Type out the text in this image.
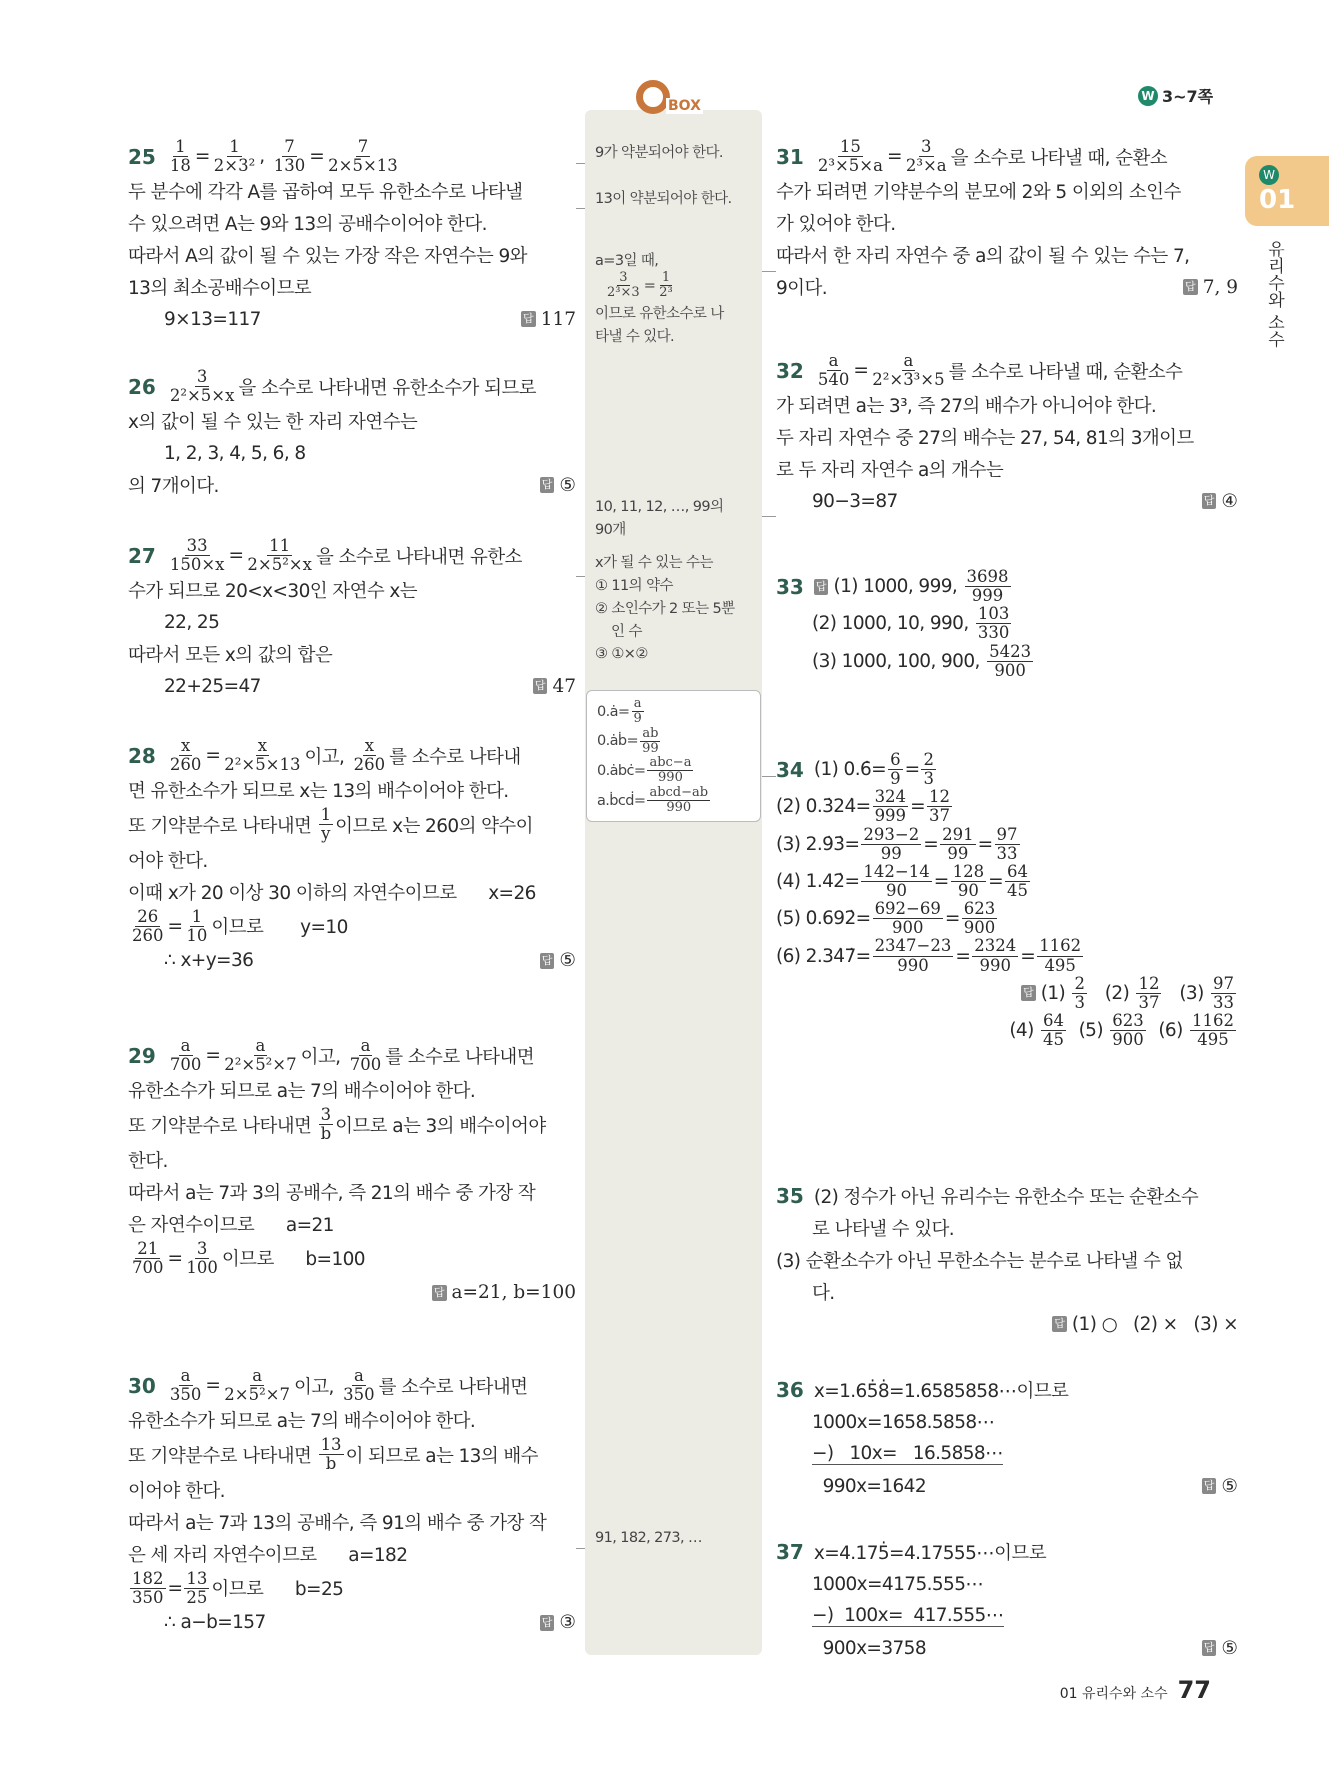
BOX
9가 약분되어야 한다.
13이 약분되어야 한다.
a=3일 때,

$\frac{3}{\text{2³×3}} = \frac{1}{\text{2³}}$
이므로 유한소수로 나
타낼 수 있다.
10, 11, 12, …, 99의
90개
x가 될 수 있는 수는
① 11의 약수
② 소인수가 2 또는 5뿐
인 수
③ ①×②
0.ȧ= $\frac{a}{9}$
0.ȧḃ= $\frac{ab}{99}$
0.ȧbċ=
abc−a
990
a.ḃcḋ=
abcd−ab
990
91, 182, 273, …
W 3~7쪽
W
01
유리수와 소수
01 유리수와 소수 77
$25 \frac{1}{18} = \frac{1}{\text{2×3²}}$ , $\frac{7}{130} = \frac{7}{2\times 5\times 13}$
두 분수에 각각 A를 곱하여 모두 유한소수로 나타낼
수 있으려면 A는 9와 13의 공배수이어야 한다.
따라서 A의 값이 될 수 있는 가장 작은 자연수는 9와
13의 최소공배수이므로
9×13=117	답 117
$26 \frac{3}{\text{2²×5×x}}$ 을 소수로 나타내면 유한소수가 되므로
x의 값이 될 수 있는 한 자리 자연수는
1, 2, 3, 4, 5, 6, 8
의 7개이다.	답 ⑤
$27 \frac{33}{150\times x} = \frac{11}{\text{2×5²×x}}$ 을 소수로 나타내면 유한소
수가 되므로 20<x<30인 자연수 x는
22, 25
따라서 모든 x의 값의 합은
22+25=47	답 47
$28 \frac{x}{260} = \frac{x}{\text{2²×5×13}}$ 이고, $\frac{x}{260}$ 를 소수로 나타내
면 유한소수가 되므로 x는 13의 배수이어야 한다.
또 기약분수로 나타내면 $\frac{1}{y}$ 이므로 x는 260의 약수이
어야 한다.
이때 x가 20 이상 30 이하의 자연수이므로      x=26
$\frac{26}{260} = \frac{1}{10}$ 이므로       y=10
∴ x+y=36	답 ⑤
$29 \frac{a}{700} = \frac{a}{\text{2²×5²×7}}$ 이고, $\frac{a}{700}$ 를 소수로 나타내면
유한소수가 되므로 a는 7의 배수이어야 한다.
또 기약분수로 나타내면 $\frac{3}{b}$ 이므로 a는 3의 배수이어야
한다.
따라서 a는 7과 3의 공배수, 즉 21의 배수 중 가장 작
은 자연수이므로      a=21
$\frac{21}{700} = \frac{3}{100}$ 이므로      b=100
답 a=21, b=100
$30 \frac{a}{350} = \frac{a}{\text{2×5²×7}}$ 이고, $\frac{a}{350}$ 를 소수로 나타내면
유한소수가 되므로 a는 7의 배수이어야 한다.
또 기약분수로 나타내면 $\frac{13}{b}$ 이 되므로 a는 13의 배수
이어야 한다.
따라서 a는 7과 13의 공배수, 즉 91의 배수 중 가장 작
은 세 자리 자연수이므로      a=182
$\frac{182}{350} = \frac{13}{25}$ 이므로      b=25
∴ a−b=157	답 ③
$31 \frac{15}{\text{2³×5×a}} = \frac{3}{\text{2³×a}}$ 을 소수로 나타낼 때, 순환소
수가 되려면 기약분수의 분모에 2와 5 이외의 소인수
가 있어야 한다.
따라서 한 자리 자연수 중 a의 값이 될 수 있는 수는 7,
9이다.	답 7, 9
$32 \frac{a}{540} = \frac{a}{\text{2²×3³×5}}$ 를 소수로 나타낼 때, 순환소수
가 되려면 a는 3³, 즉 27의 배수가 아니어야 한다.
두 자리 자연수 중 27의 배수는 27, 54, 81의 3개이므
로 두 자리 자연수 a의 개수는
90−3=87	답 ④
33 답 (1) 1000, 999, $\frac{3698}{999}$
(2) 1000, 10, 990, $\frac{103}{330}$
(3) 1000, 100, 900, $\frac{5423}{900}$
34 (1) 0.6̇= $\frac{6}{9} = \frac{2}{3}$
(2) 0.3̇24̇= $\frac{324}{999} = \frac{12}{37}$
(3) 2.9̇3̇= $\frac{293-2}{99} = \frac{291}{99} = \frac{97}{33}$
(4) 1.42̇= $\frac{142-14}{90} = \frac{128}{90} = \frac{64}{45}$
(5) 0.692̇= $\frac{692-69}{900} = \frac{623}{900}$
(6) 2.34̇7̇= $\frac{2347-23}{990} = \frac{2324}{990} = \frac{1162}{495}$
답 $(1) \frac{2}{3} (2) \frac{12}{37} (3) \frac{97}{33}$
$(4) \frac{64}{45} (5) \frac{623}{900} (6) \frac{1162}{495}$
35 (2) 정수가 아닌 유리수는 유한소수 또는 순환소수
로 나타낼 수 있다.
(3) 순환소수가 아닌 무한소수는 분수로 나타낼 수 없
다.
답 (1) ○   (2) ×   (3) ×
36 x=1.65̇8̇=1.6585858⋯이므로
1000x=1658.5858⋯
−)   10x=   16.5858⋯
990x=1642	답 ⑤
37 x=4.175̇=4.17555⋯이므로
1000x=4175.555⋯
−)  100x=  417.555⋯
900x=3758	답 ⑤
